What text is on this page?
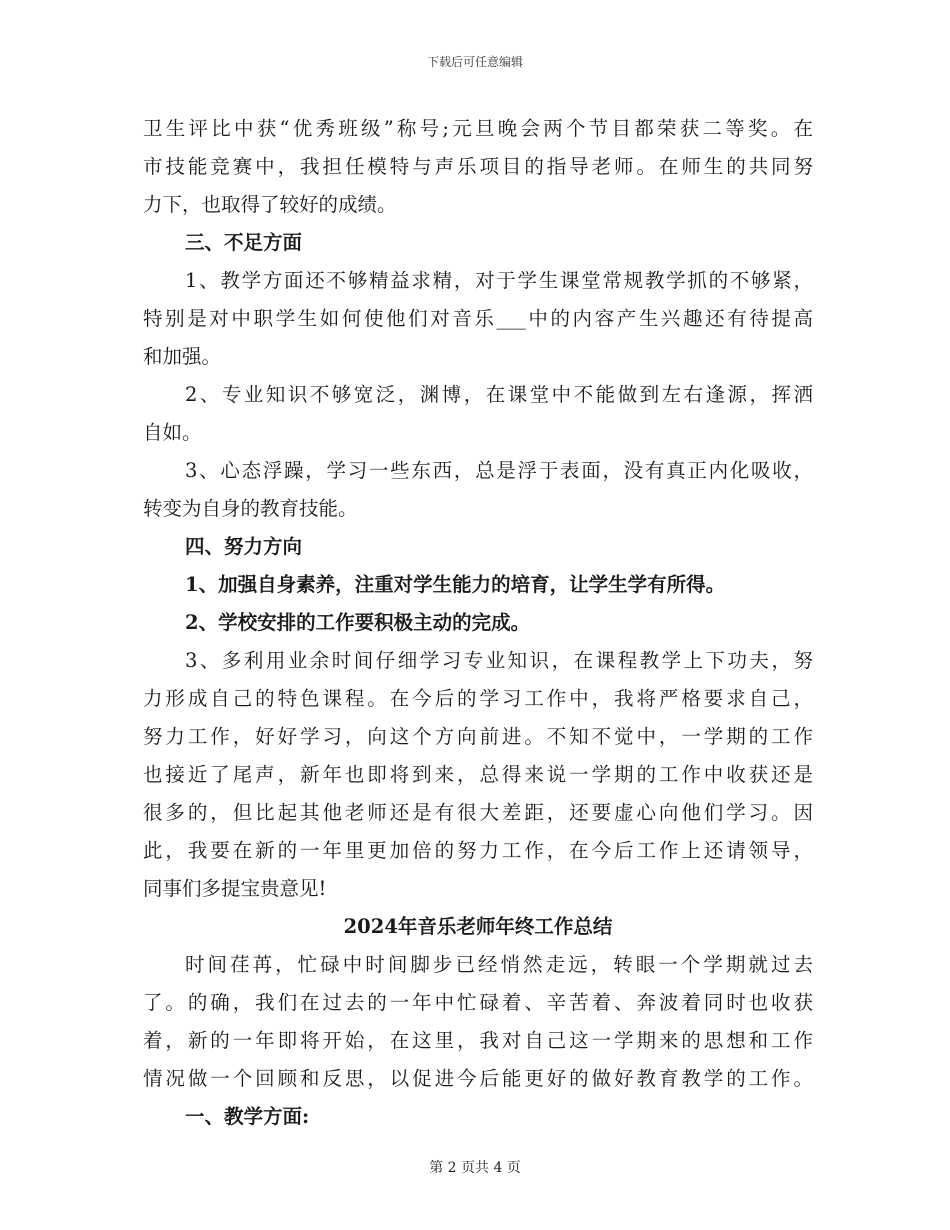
下载后可任意编辑
卫生评比中获“优秀班级”称号;元旦晚会两个节目都荣获二等奖。在
市技能竞赛中，我担任模特与声乐项目的指导老师。在师生的共同努
力下，也取得了较好的成绩。
三、不足方面
1、教学方面还不够精益求精，对于学生课堂常规教学抓的不够紧，
特别是对中职学生如何使他们对音乐___中的内容产生兴趣还有待提高
和加强。
2、专业知识不够宽泛，渊博，在课堂中不能做到左右逢源，挥洒
自如。
3、心态浮躁，学习一些东西，总是浮于表面，没有真正内化吸收，
转变为自身的教育技能。
四、努力方向
1、加强自身素养，注重对学生能力的培育，让学生学有所得。
2、学校安排的工作要积极主动的完成。
3、多利用业余时间仔细学习专业知识，在课程教学上下功夫，努
力形成自己的特色课程。在今后的学习工作中，我将严格要求自己，
努力工作，好好学习，向这个方向前进。不知不觉中，一学期的工作
也接近了尾声，新年也即将到来，总得来说一学期的工作中收获还是
很多的，但比起其他老师还是有很大差距，还要虚心向他们学习。因
此，我要在新的一年里更加倍的努力工作，在今后工作上还请领导，
同事们多提宝贵意见!
2024年音乐老师年终工作总结
时间荏苒，忙碌中时间脚步已经悄然走远，转眼一个学期就过去
了。的确，我们在过去的一年中忙碌着、辛苦着、奔波着同时也收获
着，新的一年即将开始，在这里，我对自己这一学期来的思想和工作
情况做一个回顾和反思，以促进今后能更好的做好教育教学的工作。
一、教学方面:
第 2 页共 4 页
